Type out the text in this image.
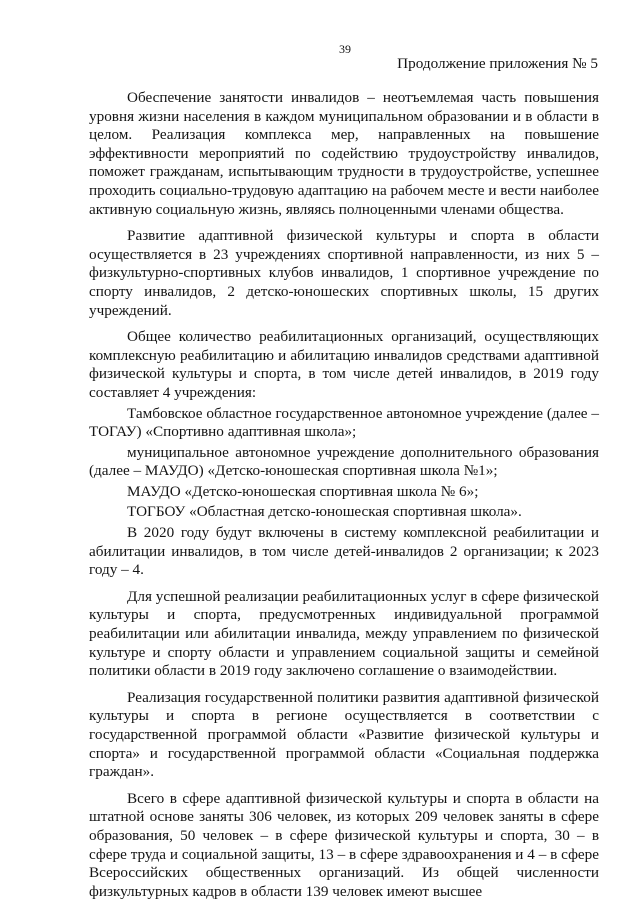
39
Продолжение приложения № 5

Обеспечение занятости инвалидов – неотъемлемая часть повышения уровня жизни населения в каждом муниципальном образовании и в области в целом. Реализация комплекса мер, направленных на повышение эффективности мероприятий по содействию трудоустройству инвалидов, поможет гражданам, испытывающим трудности в трудоустройстве, успешнее проходить социально-трудовую адаптацию на рабочем месте и вести наиболее активную социальную жизнь, являясь полноценными членами общества.

Развитие адаптивной физической культуры и спорта в области осуществляется в 23 учреждениях спортивной направленности, из них 5 – физкультурно-спортивных клубов инвалидов, 1 спортивное учреждение по спорту инвалидов, 2 детско-юношеских спортивных школы, 15 других учреждений.

Общее количество реабилитационных организаций, осуществляющих комплексную реабилитацию и абилитацию инвалидов средствами адаптивной физической культуры и спорта, в том числе детей инвалидов, в 2019 году составляет 4 учреждения:

Тамбовское областное государственное автономное учреждение (далее – ТОГАУ) «Спортивно адаптивная школа»;

муниципальное автономное учреждение дополнительного образования (далее – МАУДО) «Детско-юношеская спортивная школа №1»;

МАУДО «Детско-юношеская спортивная школа № 6»;

ТОГБОУ «Областная детско-юношеская спортивная школа».

В 2020 году будут включены в систему комплексной реабилитации и абилитации инвалидов, в том числе детей-инвалидов 2 организации; к 2023 году – 4.

Для успешной реализации реабилитационных услуг в сфере физической культуры и спорта, предусмотренных индивидуальной программой реабилитации или абилитации инвалида, между управлением по физической культуре и спорту области и управлением социальной защиты и семейной политики области в 2019 году заключено соглашение о взаимодействии.

Реализация государственной политики развития адаптивной физической культуры и спорта в регионе осуществляется в соответствии с государственной программой области «Развитие физической культуры и спорта» и государственной программой области «Социальная поддержка граждан».

Всего в сфере адаптивной физической культуры и спорта в области на штатной основе заняты 306 человек, из которых 209 человек заняты в сфере образования, 50 человек – в сфере физической культуры и спорта, 30 – в сфере труда и социальной защиты, 13 – в сфере здравоохранения и 4 – в сфере Всероссийских общественных организаций. Из общей численности физкультурных кадров в области 139 человек имеют высшее
